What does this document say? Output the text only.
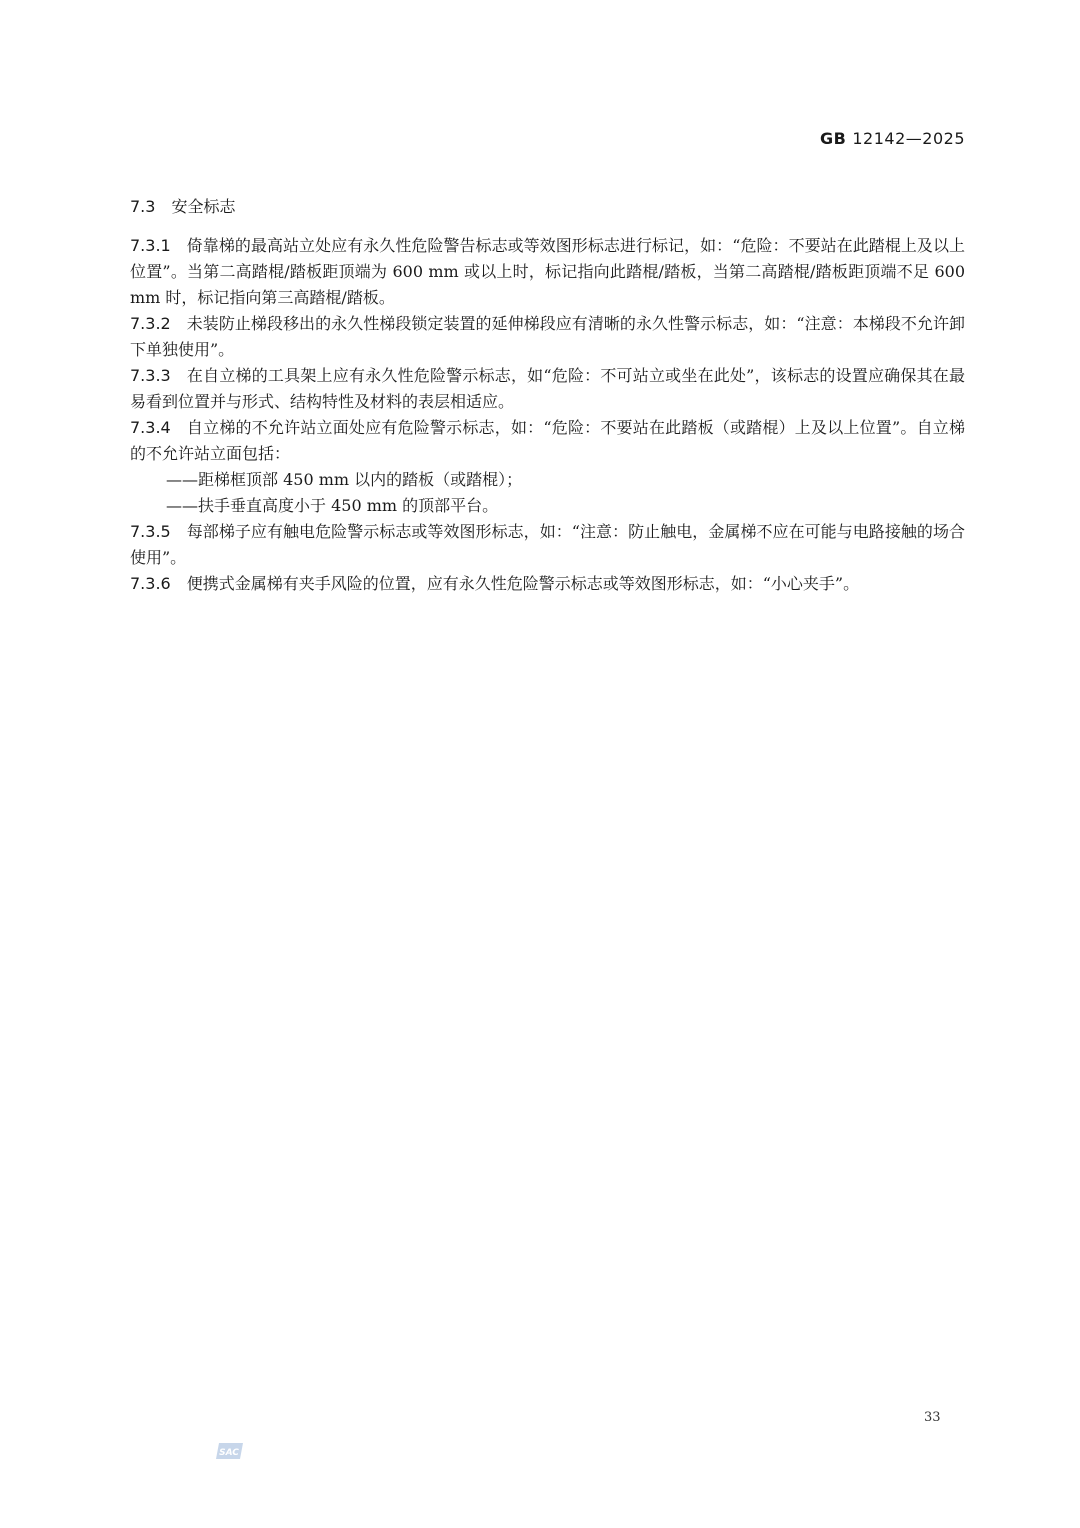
GB 12142—2025
7.3 安全标志

7.3.1 倚靠梯的最高站立处应有永久性危险警告标志或等效图形标志进行标记，如：“危险：不要站在此踏棍上及以上位置”。当第二高踏棍/踏板距顶端为 600 mm 或以上时，标记指向此踏棍/踏板，当第二高踏棍/踏板距顶端不足 600 mm 时，标记指向第三高踏棍/踏板。

7.3.2 未装防止梯段移出的永久性梯段锁定装置的延伸梯段应有清晰的永久性警示标志，如：“注意：本梯段不允许卸下单独使用”。

7.3.3 在自立梯的工具架上应有永久性危险警示标志，如“危险：不可站立或坐在此处”，该标志的设置应确保其在最易看到位置并与形式、结构特性及材料的表层相适应。

7.3.4 自立梯的不允许站立面处应有危险警示标志，如：“危险：不要站在此踏板（或踏棍）上及以上位置”。自立梯的不允许站立面包括：

——距梯框顶部 450 mm 以内的踏板（或踏棍）；

——扶手垂直高度小于 450 mm 的顶部平台。

7.3.5 每部梯子应有触电危险警示标志或等效图形标志，如：“注意：防止触电，金属梯不应在可能与电路接触的场合使用”。

7.3.6 便携式金属梯有夹手风险的位置，应有永久性危险警示标志或等效图形标志，如：“小心夹手”。

33
SAC
